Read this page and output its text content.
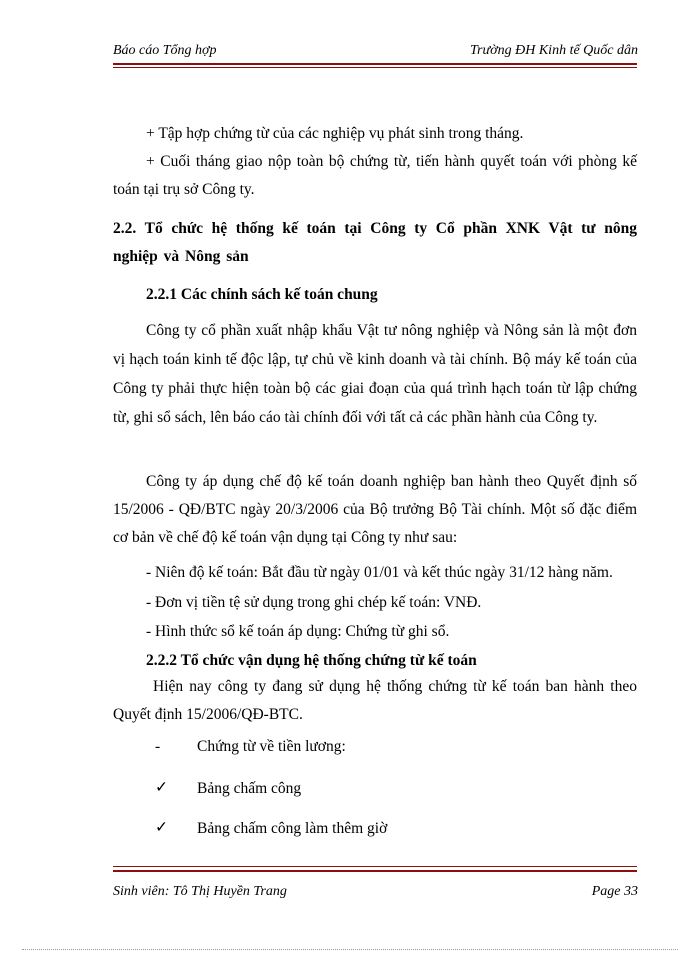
Báo cáo Tổng hợp	Trường ĐH Kinh tế Quốc dân
+ Tập hợp chứng từ của các nghiệp vụ phát sinh trong tháng.
+ Cuối tháng giao nộp toàn bộ chứng từ, tiến hành quyết toán với phòng kế toán tại trụ sở Công ty.
2.2. Tổ chức hệ thống kế toán tại Công ty Cổ phần XNK Vật tư nông nghiệp và Nông sản
2.2.1 Các chính sách kế toán chung
Công ty cổ phần xuất nhập khẩu Vật tư nông nghiệp và Nông sản là một đơn vị hạch toán kinh tế độc lập, tự chủ về kinh doanh và tài chính. Bộ máy kế toán của Công ty phải thực hiện toàn bộ các giai đoạn của quá trình hạch toán từ lập chứng từ, ghi sổ sách, lên báo cáo tài chính đối với tất cả các phần hành của Công ty.
Công ty áp dụng chế độ kế toán doanh nghiệp ban hành theo Quyết định số 15/2006 - QĐ/BTC ngày 20/3/2006 của Bộ trưởng Bộ Tài chính. Một số đặc điểm cơ bản về chế độ kế toán vận dụng tại Công ty như sau:
- Niên độ kế toán: Bắt đầu từ ngày 01/01 và kết thúc ngày 31/12 hàng năm.
- Đơn vị tiền tệ sử dụng trong ghi chép kế toán: VNĐ.
- Hình thức sổ kế toán áp dụng: Chứng từ ghi sổ.
2.2.2 Tổ chức vận dụng hệ thống chứng từ kế toán
Hiện nay công ty đang sử dụng hệ thống chứng từ kế toán ban hành theo Quyết định 15/2006/QĐ-BTC.
- Chứng từ về tiền lương:
✓ Bảng chấm công
✓ Bảng chấm công làm thêm giờ
Sinh viên: Tô Thị Huyền Trang	Page 33
